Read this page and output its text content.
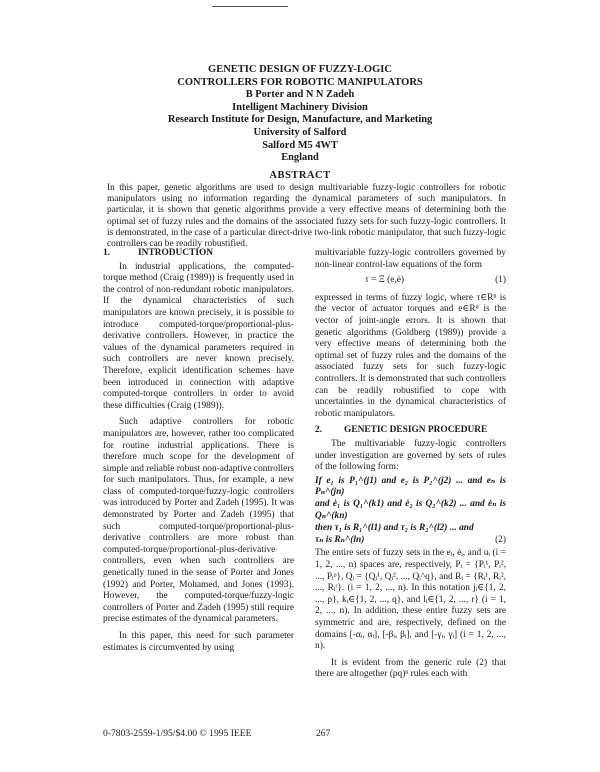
GENETIC DESIGN OF FUZZY-LOGIC
CONTROLLERS FOR ROBOTIC MANIPULATORS
B Porter and N N Zadeh
Intelligent Machinery Division
Research Institute for Design, Manufacture, and Marketing
University of Salford
Salford M5 4WT
England
ABSTRACT
In this paper, genetic algorithms are used to design multivariable fuzzy-logic controllers for robotic manipulators using no information regarding the dynamical parameters of such manipulators. In particular, it is shown that genetic algorithms provide a very effective means of determining both the optimal set of fuzzy rules and the domains of the associated fuzzy sets for such fuzzy-logic controllers. It is demonstrated, in the case of a particular direct-drive two-link robotic manipulator, that such fuzzy-logic controllers can be readily robustified.
1.	INTRODUCTION

In industrial applications, the computed-torque method (Craig (1989)) is frequently used in the control of non-redundant robotic manipulators. If the dynamical characteristics of such manipulators are known precisely, it is possible to introduce computed-torque/proportional-plus-derivative controllers. However, in practice the values of the dynamical parameters required in such controllers are never known precisely. Therefore, explicit identification schemes have been introduced in connection with adaptive computed-torque controllers in order to avoid these difficulties (Craig (1989)).

Such adaptive controllers for robotic manipulators are, however, rather too complicated for routine industrial applications. There is therefore much scope for the development of simple and reliable robust non-adaptive controllers for such manipulators. Thus, for example, a new class of computed-torque/fuzzy-logic controllers was introduced by Porter and Zadeh (1995). It was demonstrated by Porter and Zadeh (1995) that such computed-torque/proportional-plus-derivative controllers are more robust than computed-torque/proportional-plus-derivative controllers, even when such controllers are genetically tuned in the sense of Porter and Jones (1992) and Porter, Mohamed, and Jones (1993). However, the computed-torque/fuzzy-logic controllers of Porter and Zadeh (1995) still require precise estimates of the dynamical parameters.

In this paper, this need for such parameter estimates is circumvented by using

multivariable fuzzy-logic controllers governed by non-linear control-law equations of the form

τ = Ξ (e,ė)	(1)

expressed in terms of fuzzy logic, where τ∈Rⁿ is the vector of actuator torques and e∈Rⁿ is the vector of joint-angle errors. It is shown that genetic algorithms (Goldberg (1989)) provide a very effective means of determining both the optimal set of fuzzy rules and the domains of the associated fuzzy sets for such fuzzy-logic controllers. It is demonstrated that such controllers can be readily robustified to cope with uncertainties in the dynamical characteristics of robotic manipulators.

2. GENETIC DESIGN PROCEDURE

The multivariable fuzzy-logic controllers under investigation are governed by sets of rules of the following form:

If e₁ is P₁^(j1) and e₂ is P₂^(j2) ... and eₙ is Pₙ^(jn)
and ė₁ is Q₁^(k1) and ė₂ is Q₂^(k2) ... and ėₙ is Qₙ^(kn)
then τ₁ is R₁^(l1) and τ₂ is R₂^(l2) ... and
τₙ is Rₙ^(ln)	(2)

The entire sets of fuzzy sets in the eᵢ, ėᵢ, and uᵢ (i = 1, 2, ..., n) spaces are, respectively, Pᵢ = {Pᵢ¹, Pᵢ², ..., Pᵢᵖ}, Qᵢ = {Qᵢ¹, Qᵢ², ..., Qᵢ^q}, and Rᵢ = {Rᵢ¹, Rᵢ², ..., Rᵢʳ}. (i = 1, 2, ..., n). In this notation jᵢ∈{1, 2, ..., p}, kᵢ∈{1, 2, ..., q}, and lᵢ∈{1, 2, ..., r} (i = 1, 2, ..., n). In addition, these entire fuzzy sets are symmetric and are, respectively, defined on the domains [-αᵢ, αᵢ], [-βᵢ, βᵢ], and [-γᵢ, γᵢ] (i = 1, 2, ..., n).

It is evident from the generic rule (2) that there are altogether (pq)ⁿ rules each with

0-7803-2559-1/95/$4.00 © 1995 IEEE	267
